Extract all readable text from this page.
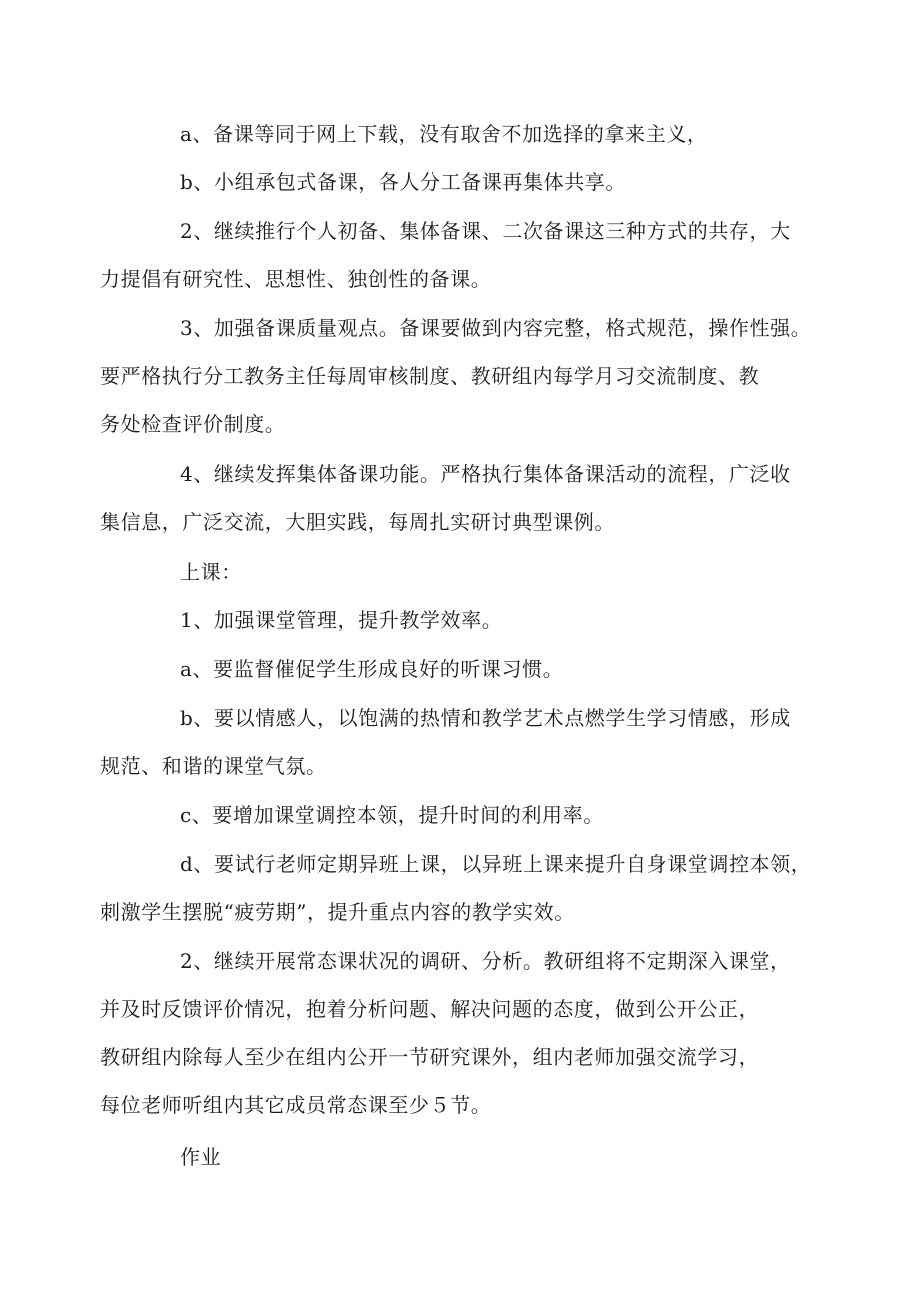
a、备课等同于网上下载，没有取舍不加选择的拿来主义，

b、小组承包式备课，各人分工备课再集体共享。

2、继续推行个人初备、集体备课、二次备课这三种方式的共存，大
力提倡有研究性、思想性、独创性的备课。

3、加强备课质量观点。备课要做到内容完整，格式规范，操作性强。
要严格执行分工教务主任每周审核制度、教研组内每学月习交流制度、教
务处检查评价制度。

4、继续发挥集体备课功能。严格执行集体备课活动的流程，广泛收
集信息，广泛交流，大胆实践，每周扎实研讨典型课例。

上课：

1、加强课堂管理，提升教学效率。

a、要监督催促学生形成良好的听课习惯。

b、要以情感人，以饱满的热情和教学艺术点燃学生学习情感，形成
规范、和谐的课堂气氛。

c、要增加课堂调控本领，提升时间的利用率。

d、要试行老师定期异班上课，以异班上课来提升自身课堂调控本领，
刺激学生摆脱“疲劳期”，提升重点内容的教学实效。

2、继续开展常态课状况的调研、分析。教研组将不定期深入课堂，
并及时反馈评价情况，抱着分析问题、解决问题的态度，做到公开公正，
教研组内除每人至少在组内公开一节研究课外，组内老师加强交流学习，
每位老师听组内其它成员常态课至少５节。

作业
